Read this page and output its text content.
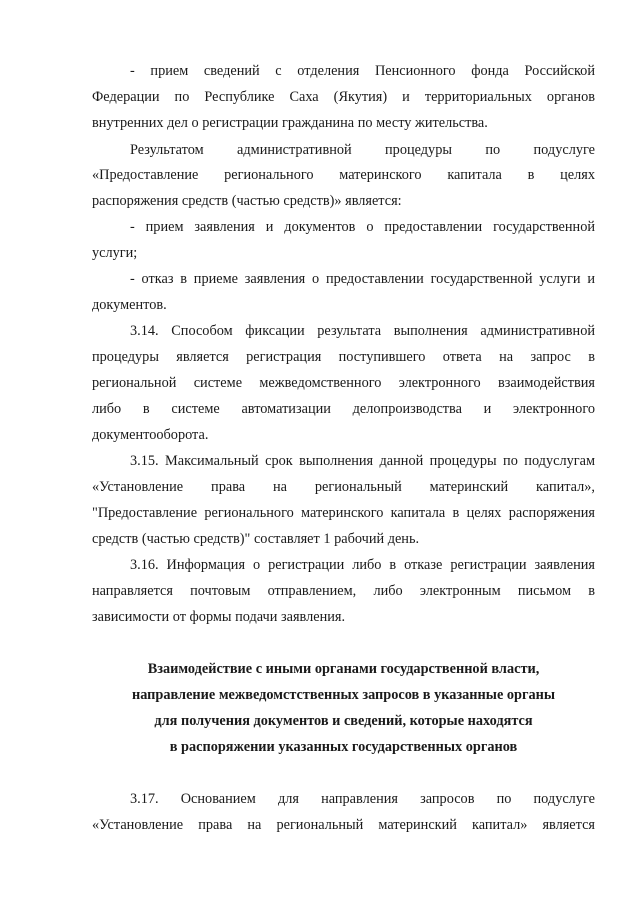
- прием сведений с отделения Пенсионного фонда Российской

Федерации по Республике Саха (Якутия) и территориальных органов

внутренних дел о регистрации гражданина по месту жительства.

Результатом административной процедуры по подуслуге

«Предоставление регионального материнского капитала в целях

распоряжения средств (частью средств)» является:

- прием заявления и документов о предоставлении государственной

услуги;

- отказ в приеме заявления о предоставлении государственной услуги и

документов.

3.14. Способом фиксации результата выполнения административной

процедуры является регистрация поступившего ответа на запрос в

региональной системе межведомственного электронного взаимодействия

либо в системе автоматизации делопроизводства и электронного

документооборота.

3.15. Максимальный срок выполнения данной процедуры по подуслугам

«Установление права на региональный материнский капитал»,

"Предоставление регионального материнского капитала в целях распоряжения

средств (частью средств)" составляет 1 рабочий день.

3.16. Информация о регистрации либо в отказе регистрации заявления

направляется почтовым отправлением, либо электронным письмом в

зависимости от формы подачи заявления.

Взаимодействие с иными органами государственной власти,

направление межведомстственных запросов в указанные органы

для получения документов и сведений, которые находятся

в распоряжении указанных государственных органов

3.17. Основанием для направления запросов по подуслуге

«Установление права на региональный материнский капитал» является
